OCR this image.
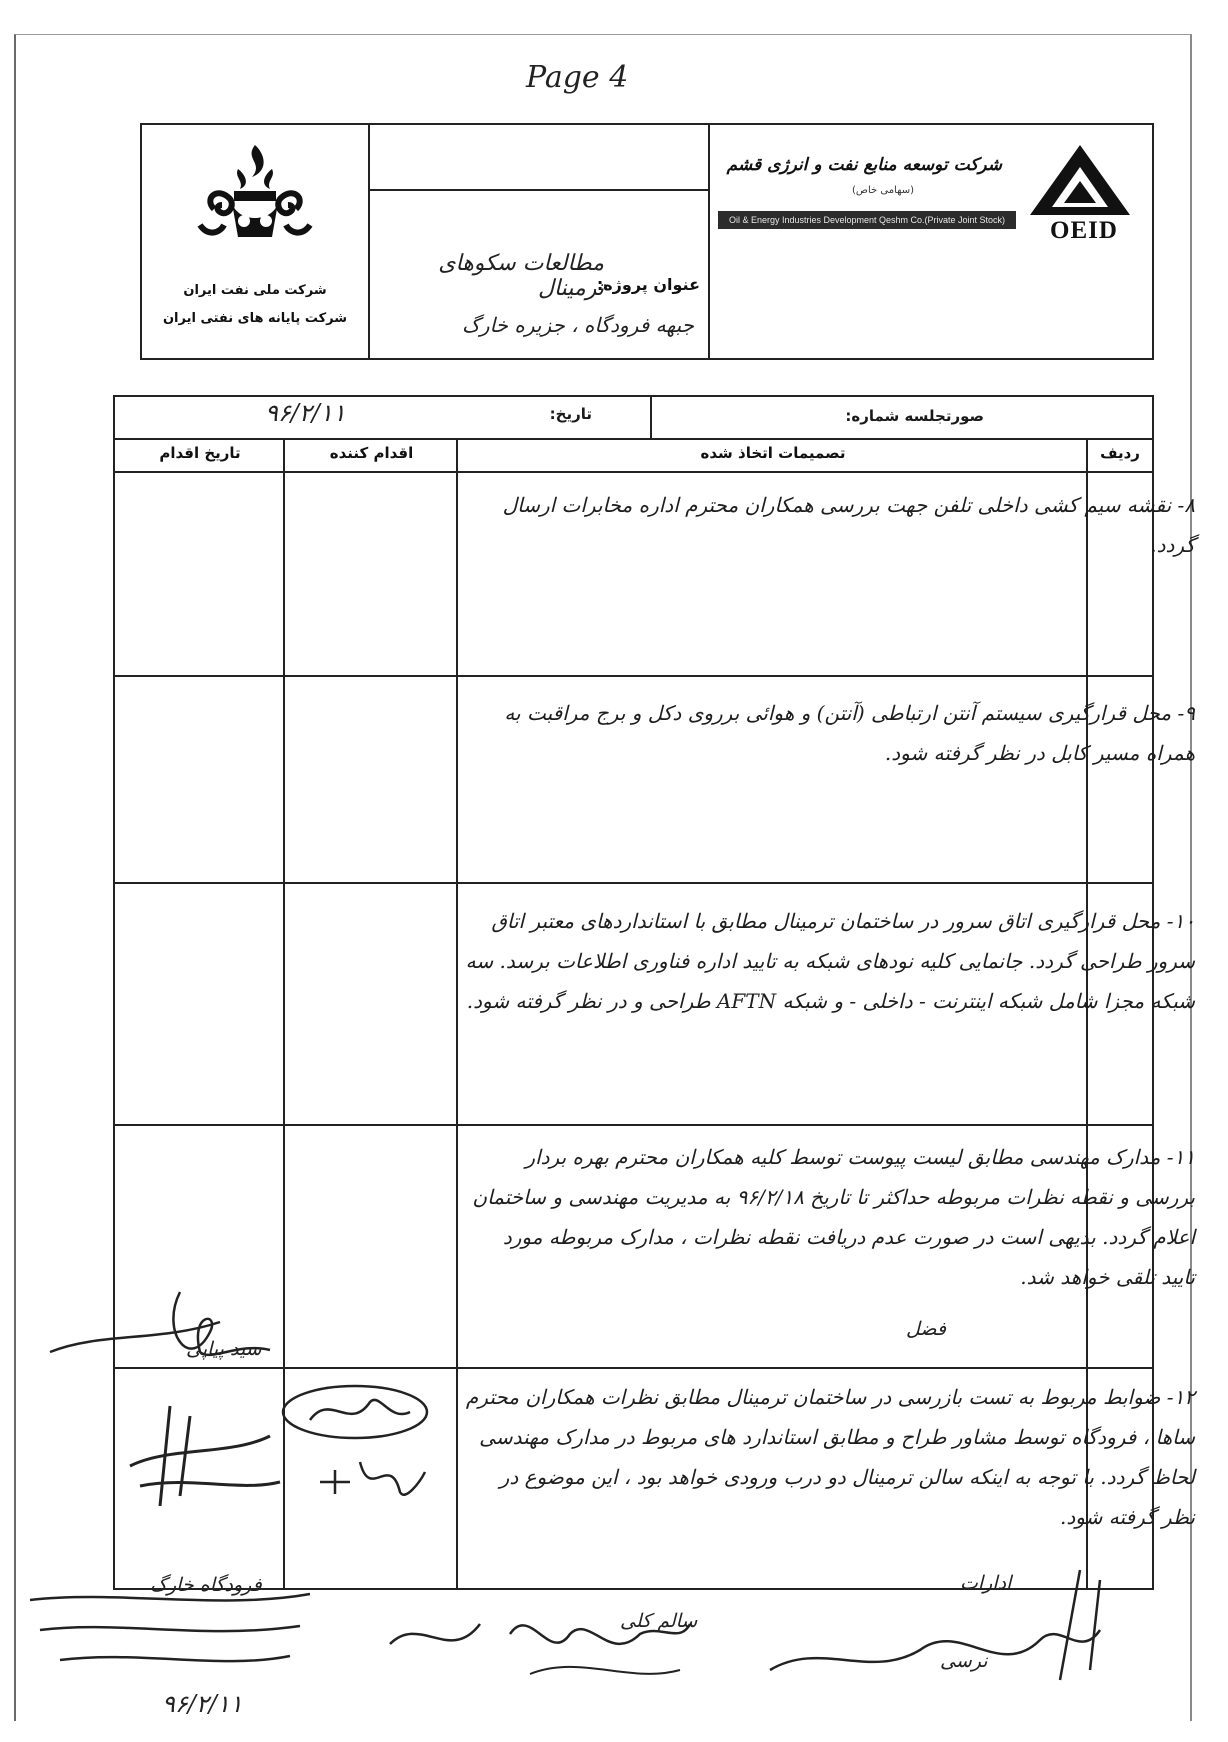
Page 4
شرکت ملی نفت ایران
شرکت پایانه های نفتی ایران
عنوان پروژه:
مطالعات سکوهای ترمینال
جبهه فرودگاه ، جزیره خارگ
شرکت توسعه منابع نفت و انرژی قشم
(سهامی خاص)
Oil & Energy Industries Development Qeshm Co.(Private Joint Stock)	OEID
صورتجلسه شماره:
تاریخ:
۹۶/۲/۱۱
ردیف
تصمیمات اتخاذ شده
اقدام کننده
تاریخ اقدام
۸- نقشه سیم کشی داخلی تلفن جهت بررسی همکاران محترم اداره مخابرات ارسال گردد.
۹- محل قرارگیری سیستم آنتن ارتباطی (آنتن) و هوائی برروی دکل و برج مراقبت به همراه مسیر کابل در نظر گرفته شود.
۱۰- محل قرارگیری اتاق سرور در ساختمان ترمینال مطابق با استانداردهای معتبر اتاق سرور طراحی گردد. جانمایی کلیه نودهای شبکه به تایید اداره فناوری اطلاعات برسد. سه شبکه مجزا شامل شبکه اینترنت - داخلی - و شبکه AFTN طراحی و در نظر گرفته شود.
۱۱- مدارک مهندسی مطابق لیست پیوست توسط کلیه همکاران محترم بهره بردار بررسی و نقطه نظرات مربوطه حداکثر تا تاریخ ۹۶/۲/۱۸ به مدیریت مهندسی و ساختمان اعلام گردد. بدیهی است در صورت عدم دریافت نقطه نظرات ، مدارک مربوطه مورد تایید تلقی خواهد شد.
۱۲- ضوابط مربوط به تست بازرسی در ساختمان ترمینال مطابق نظرات همکاران محترم ساها ، فرودگاه توسط مشاور طراح و مطابق استاندارد های مربوط در مدارک مهندسی لحاظ گردد. با توجه به اینکه سالن ترمینال دو درب ورودی خواهد بود ، این موضوع در نظر گرفته شود.
فضل
سید پیاپی
فرودگاه خارگ
۹۶/۲/۱۱
سالم کلی
ادارات
نرسی
